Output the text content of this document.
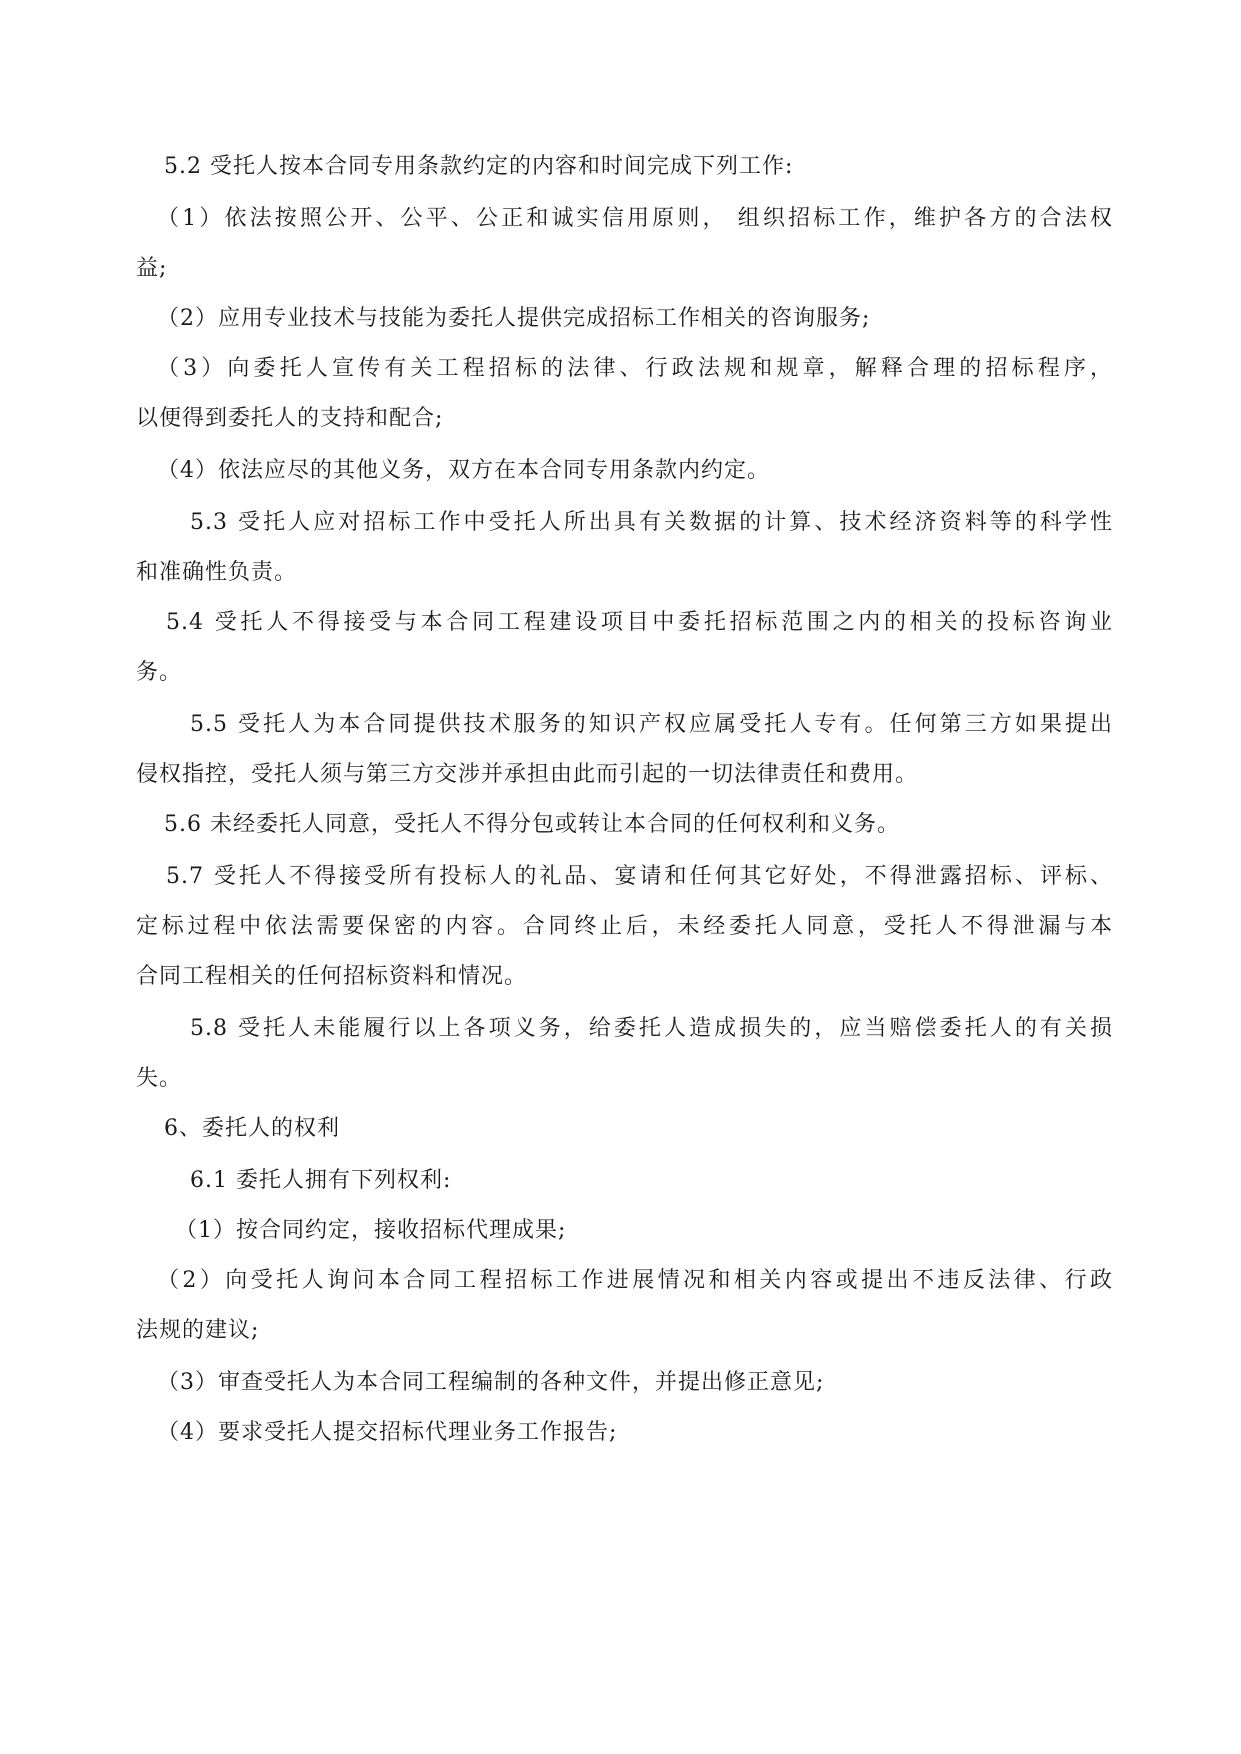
5.2 受托人按本合同专用条款约定的内容和时间完成下列工作:
（1）依法按照公开、公平、公正和诚实信用原则， 组织招标工作，维护各方的合法权
益;
（2）应用专业技术与技能为委托人提供完成招标工作相关的咨询服务;
（3）向委托人宣传有关工程招标的法律、行政法规和规章，解释合理的招标程序，
以便得到委托人的支持和配合;
（4）依法应尽的其他义务，双方在本合同专用条款内约定。
5.3 受托人应对招标工作中受托人所出具有关数据的计算、技术经济资料等的科学性
和准确性负责。
5.4 受托人不得接受与本合同工程建设项目中委托招标范围之内的相关的投标咨询业
务。
5.5 受托人为本合同提供技术服务的知识产权应属受托人专有。任何第三方如果提出
侵权指控，受托人须与第三方交涉并承担由此而引起的一切法律责任和费用。
5.6 未经委托人同意，受托人不得分包或转让本合同的任何权利和义务。
5.7 受托人不得接受所有投标人的礼品、宴请和任何其它好处，不得泄露招标、评标、
定标过程中依法需要保密的内容。合同终止后，未经委托人同意，受托人不得泄漏与本
合同工程相关的任何招标资料和情况。
5.8 受托人未能履行以上各项义务，给委托人造成损失的，应当赔偿委托人的有关损
失。
6、委托人的权利
6.1 委托人拥有下列权利:
（1）按合同约定，接收招标代理成果;
（2）向受托人询问本合同工程招标工作进展情况和相关内容或提出不违反法律、行政
法规的建议;
（3）审查受托人为本合同工程编制的各种文件，并提出修正意见;
（4）要求受托人提交招标代理业务工作报告;
